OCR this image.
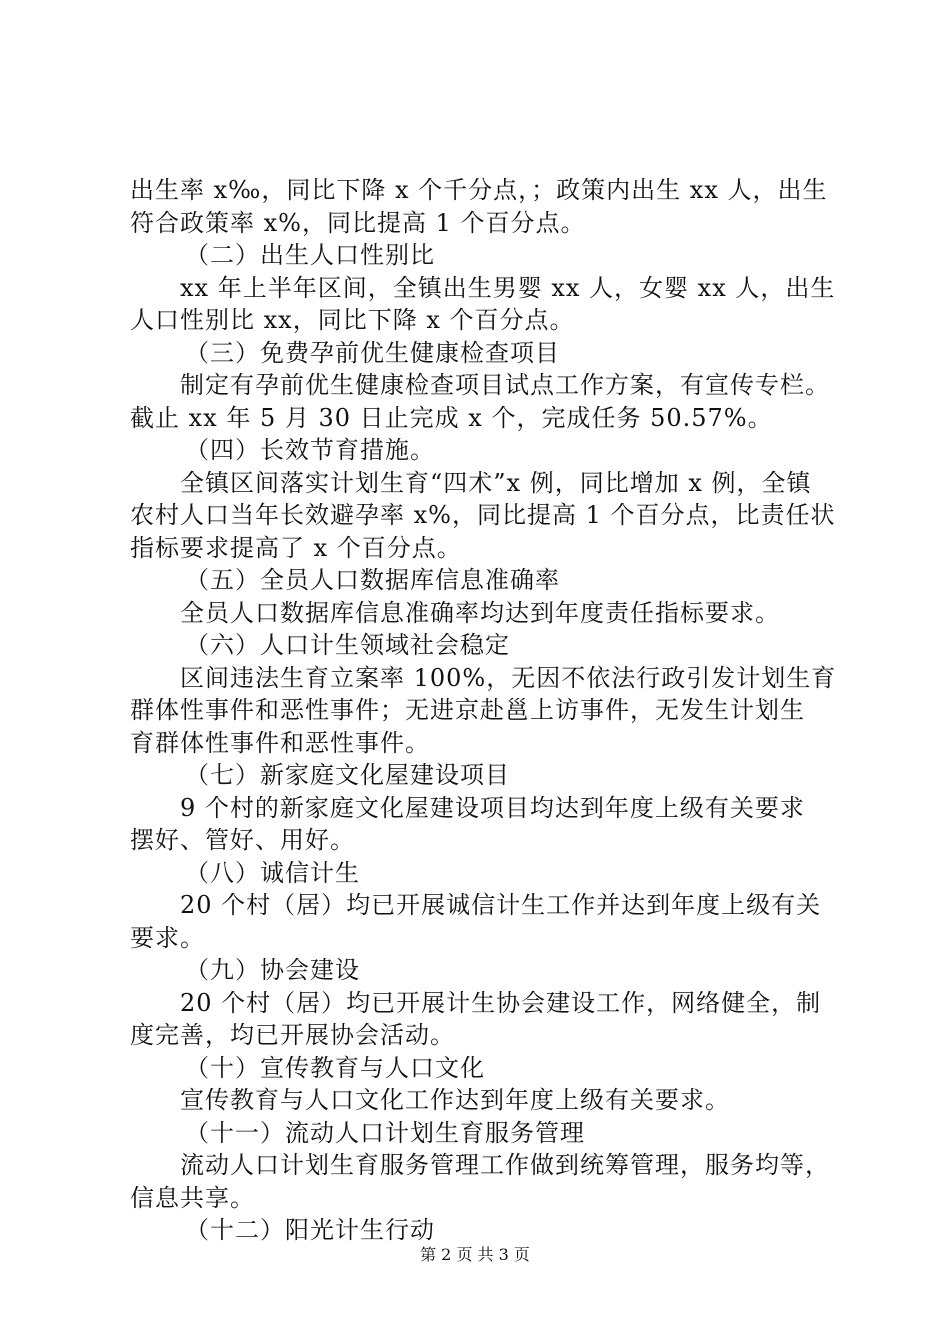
出生率 x‰，同比下降 x 个千分点，；政策内出生 xx 人，出生
符合政策率 x%，同比提高 1 个百分点。
（二）出生人口性别比
xx 年上半年区间，全镇出生男婴 xx 人，女婴 xx 人，出生
人口性别比 xx，同比下降 x 个百分点。
（三）免费孕前优生健康检查项目
制定有孕前优生健康检查项目试点工作方案，有宣传专栏。
截止 xx 年 5 月 30 日止完成 x 个，完成任务 50.57%。
（四）长效节育措施。
全镇区间落实计划生育“四术”x 例，同比增加 x 例，全镇
农村人口当年长效避孕率 x%，同比提高 1 个百分点，比责任状
指标要求提高了 x 个百分点。
（五）全员人口数据库信息准确率
全员人口数据库信息准确率均达到年度责任指标要求。
（六）人口计生领域社会稳定
区间违法生育立案率 100%，无因不依法行政引发计划生育
群体性事件和恶性事件；无进京赴邕上访事件，无发生计划生
育群体性事件和恶性事件。
（七）新家庭文化屋建设项目
9 个村的新家庭文化屋建设项目均达到年度上级有关要求
摆好、管好、用好。
（八）诚信计生
20 个村（居）均已开展诚信计生工作并达到年度上级有关
要求。
（九）协会建设
20 个村（居）均已开展计生协会建设工作，网络健全，制
度完善，均已开展协会活动。
（十）宣传教育与人口文化
宣传教育与人口文化工作达到年度上级有关要求。
（十一）流动人口计划生育服务管理
流动人口计划生育服务管理工作做到统筹管理，服务均等，
信息共享。
（十二）阳光计生行动
第 2 页 共 3 页
